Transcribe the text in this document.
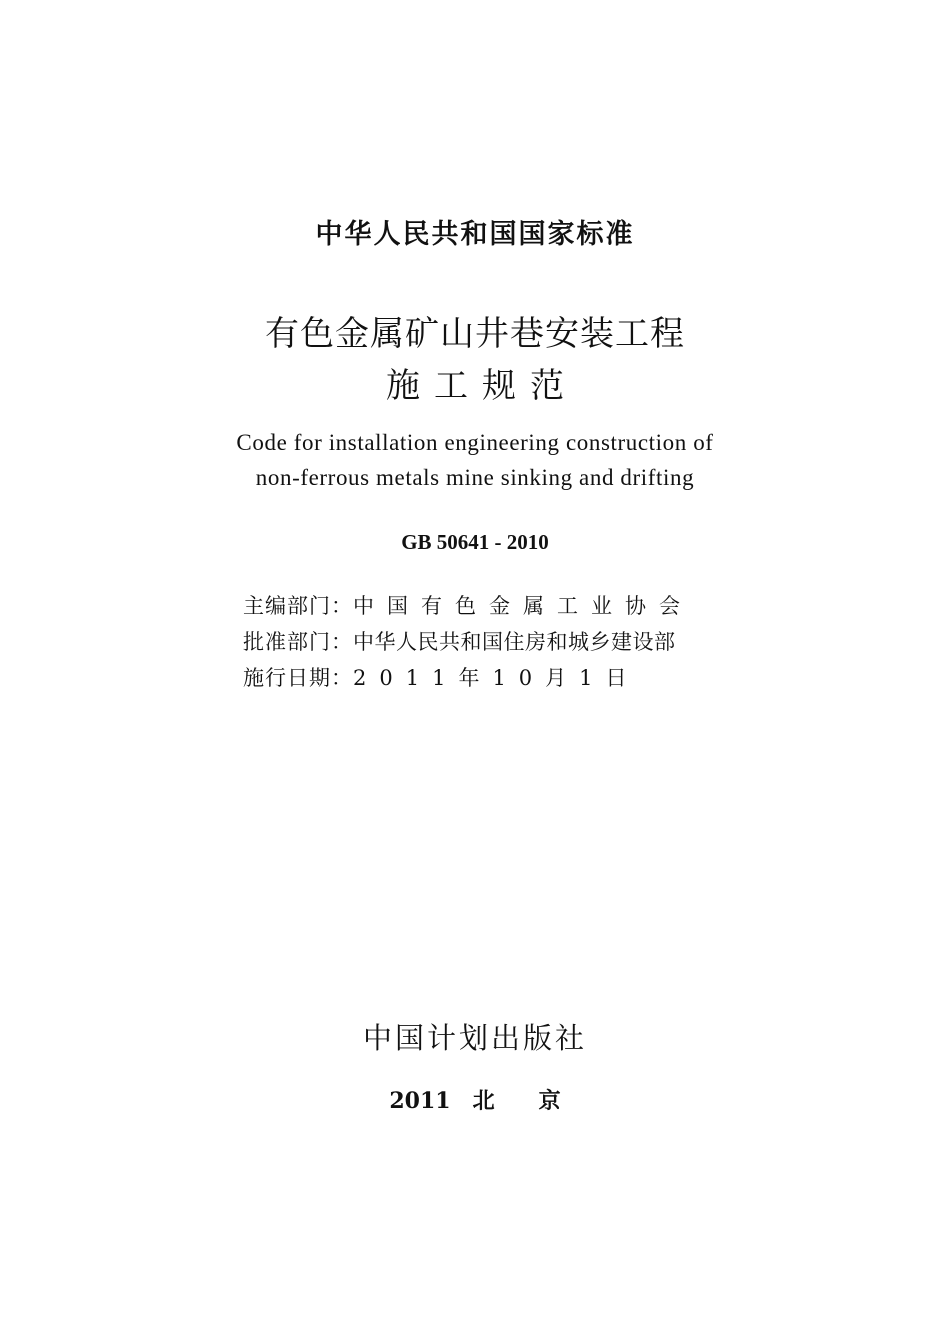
中华人民共和国国家标准
有色金属矿山井巷安装工程
施工规范
Code for installation engineering construction of
non-ferrous metals mine sinking and drifting
GB 50641 - 2010
主编部门：中国有色金属工业协会
批准部门：中华人民共和国住房和城乡建设部
施行日期：2011年10月1日
中国计划出版社
2011　北　　京
